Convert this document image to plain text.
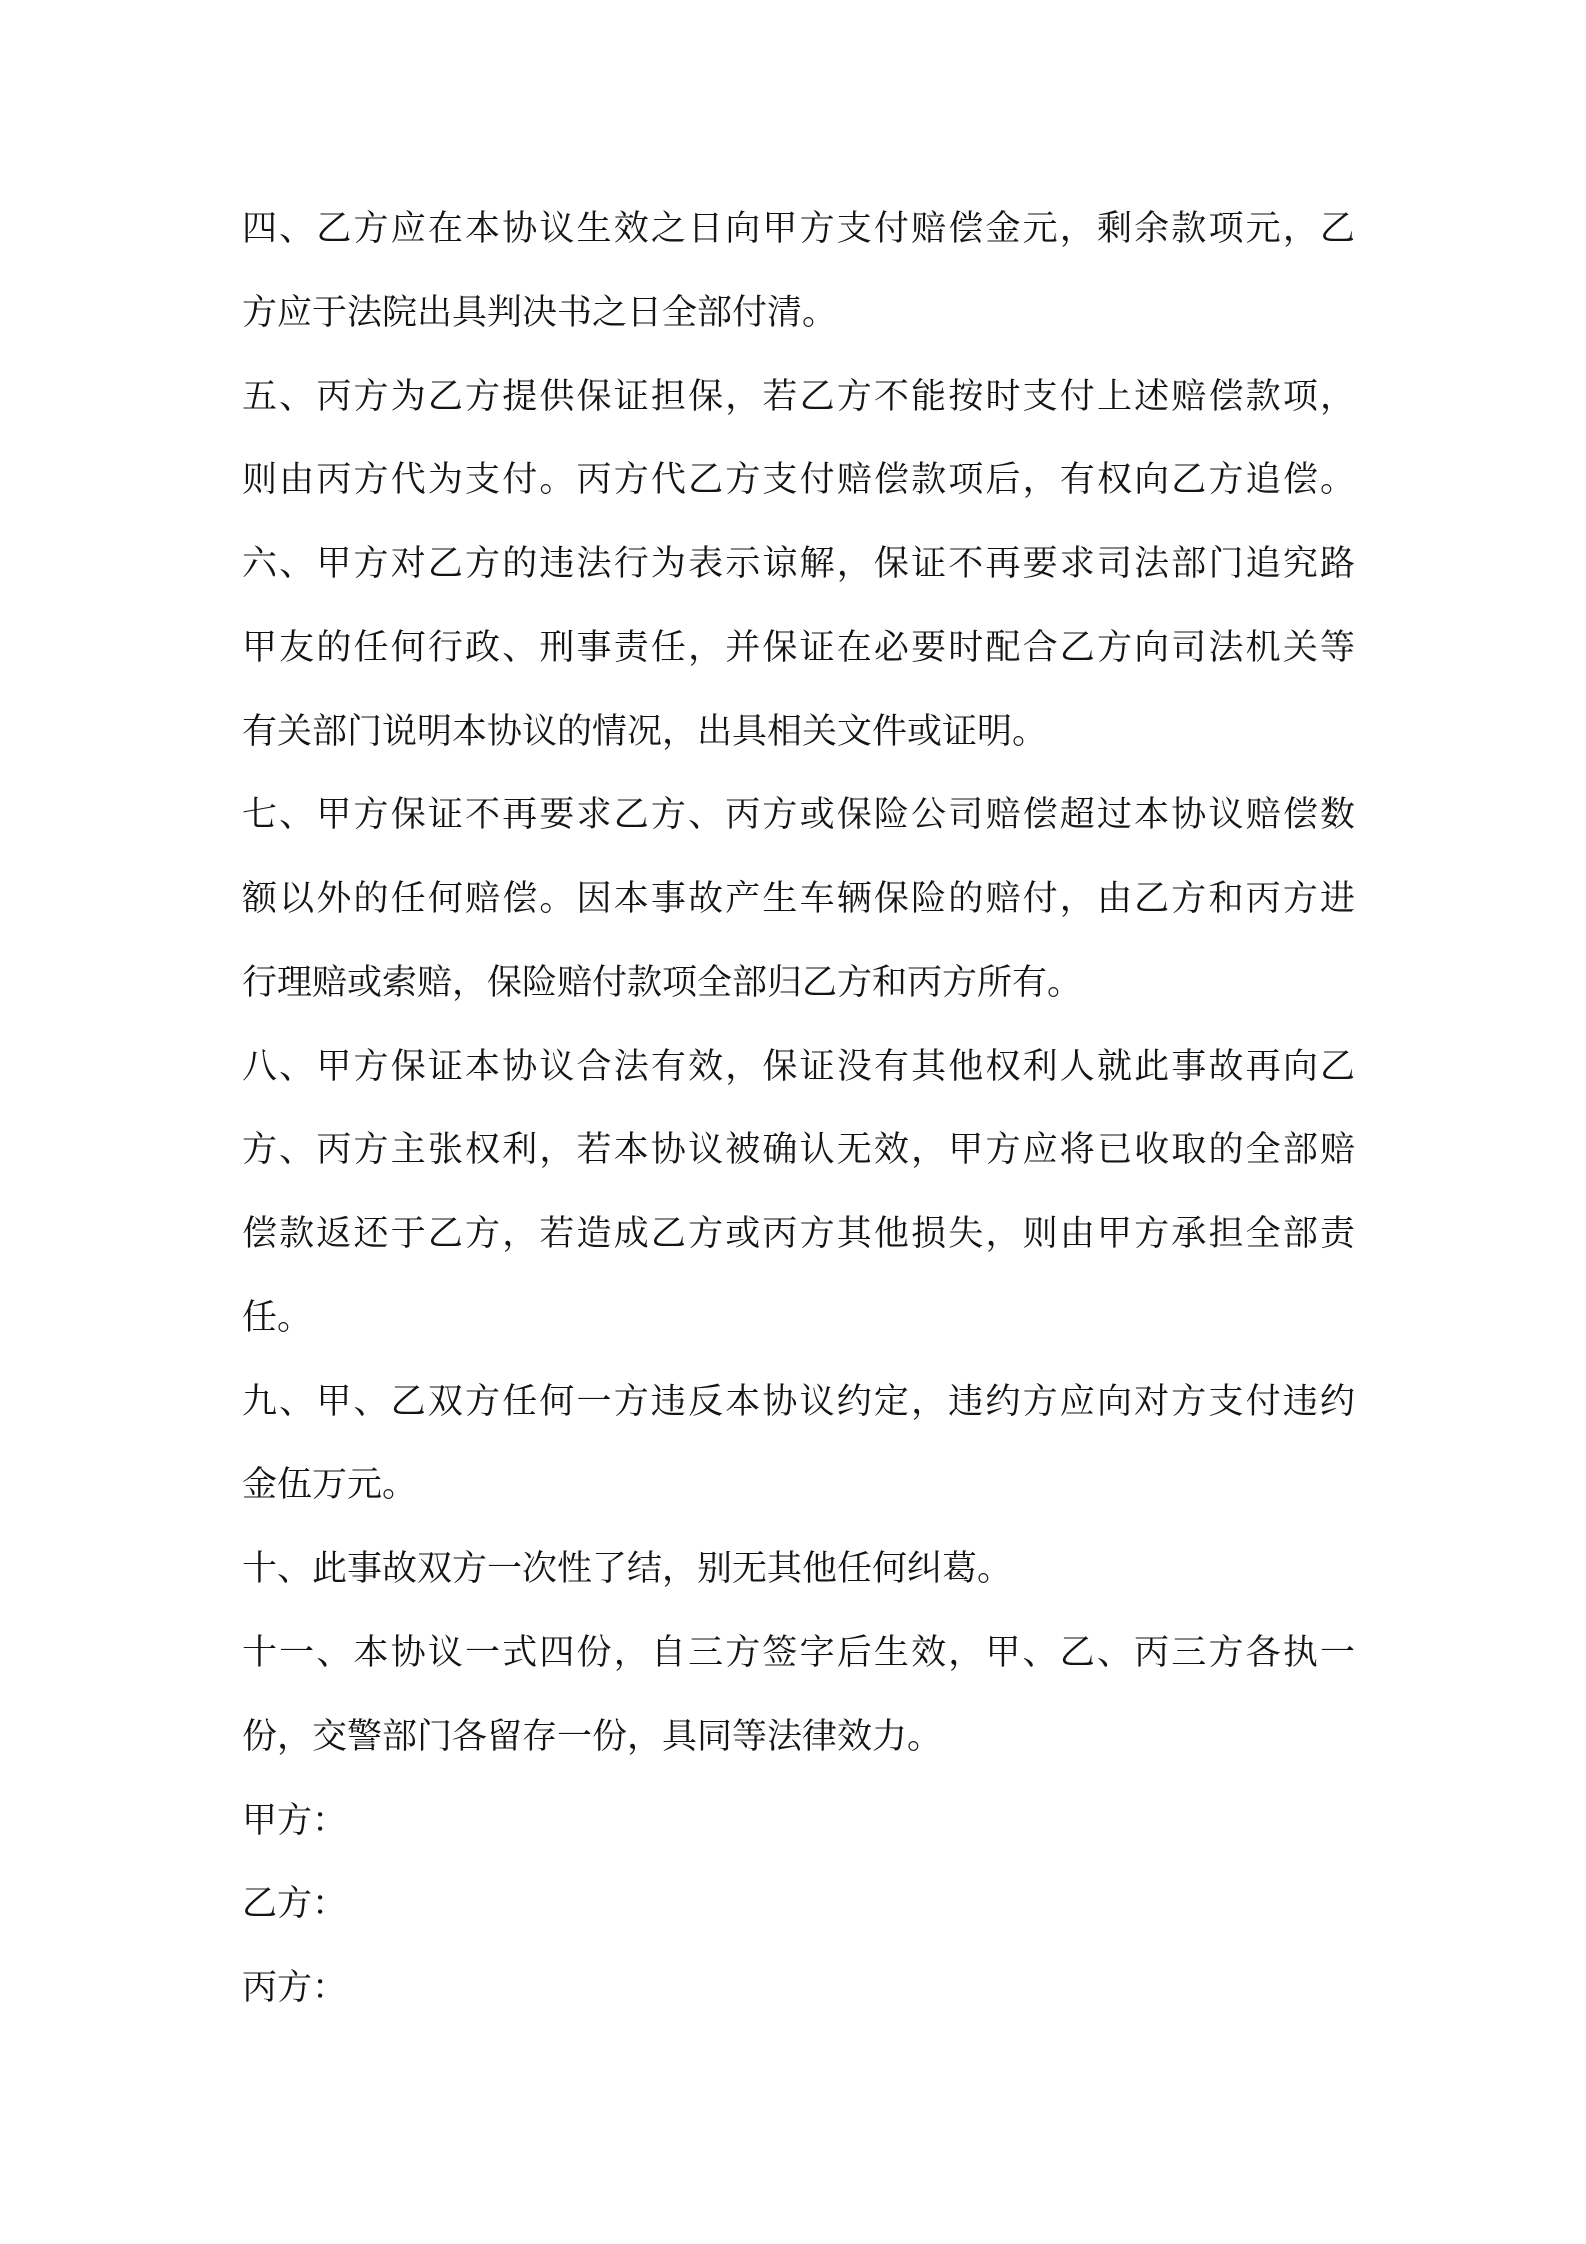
四、乙方应在本协议生效之日向甲方支付赔偿金元，剩余款项元，乙
方应于法院出具判决书之日全部付清。
五、丙方为乙方提供保证担保，若乙方不能按时支付上述赔偿款项，
则由丙方代为支付。丙方代乙方支付赔偿款项后，有权向乙方追偿。
六、甲方对乙方的违法行为表示谅解，保证不再要求司法部门追究路
甲友的任何行政、刑事责任，并保证在必要时配合乙方向司法机关等
有关部门说明本协议的情况，出具相关文件或证明。
七、甲方保证不再要求乙方、丙方或保险公司赔偿超过本协议赔偿数
额以外的任何赔偿。因本事故产生车辆保险的赔付，由乙方和丙方进
行理赔或索赔，保险赔付款项全部归乙方和丙方所有。
八、甲方保证本协议合法有效，保证没有其他权利人就此事故再向乙
方、丙方主张权利，若本协议被确认无效，甲方应将已收取的全部赔
偿款返还于乙方，若造成乙方或丙方其他损失，则由甲方承担全部责
任。
九、甲、乙双方任何一方违反本协议约定，违约方应向对方支付违约
金伍万元。
十、此事故双方一次性了结，别无其他任何纠葛。
十一、本协议一式四份，自三方签字后生效，甲、乙、丙三方各执一
份，交警部门各留存一份，具同等法律效力。
甲方：
乙方：
丙方：
